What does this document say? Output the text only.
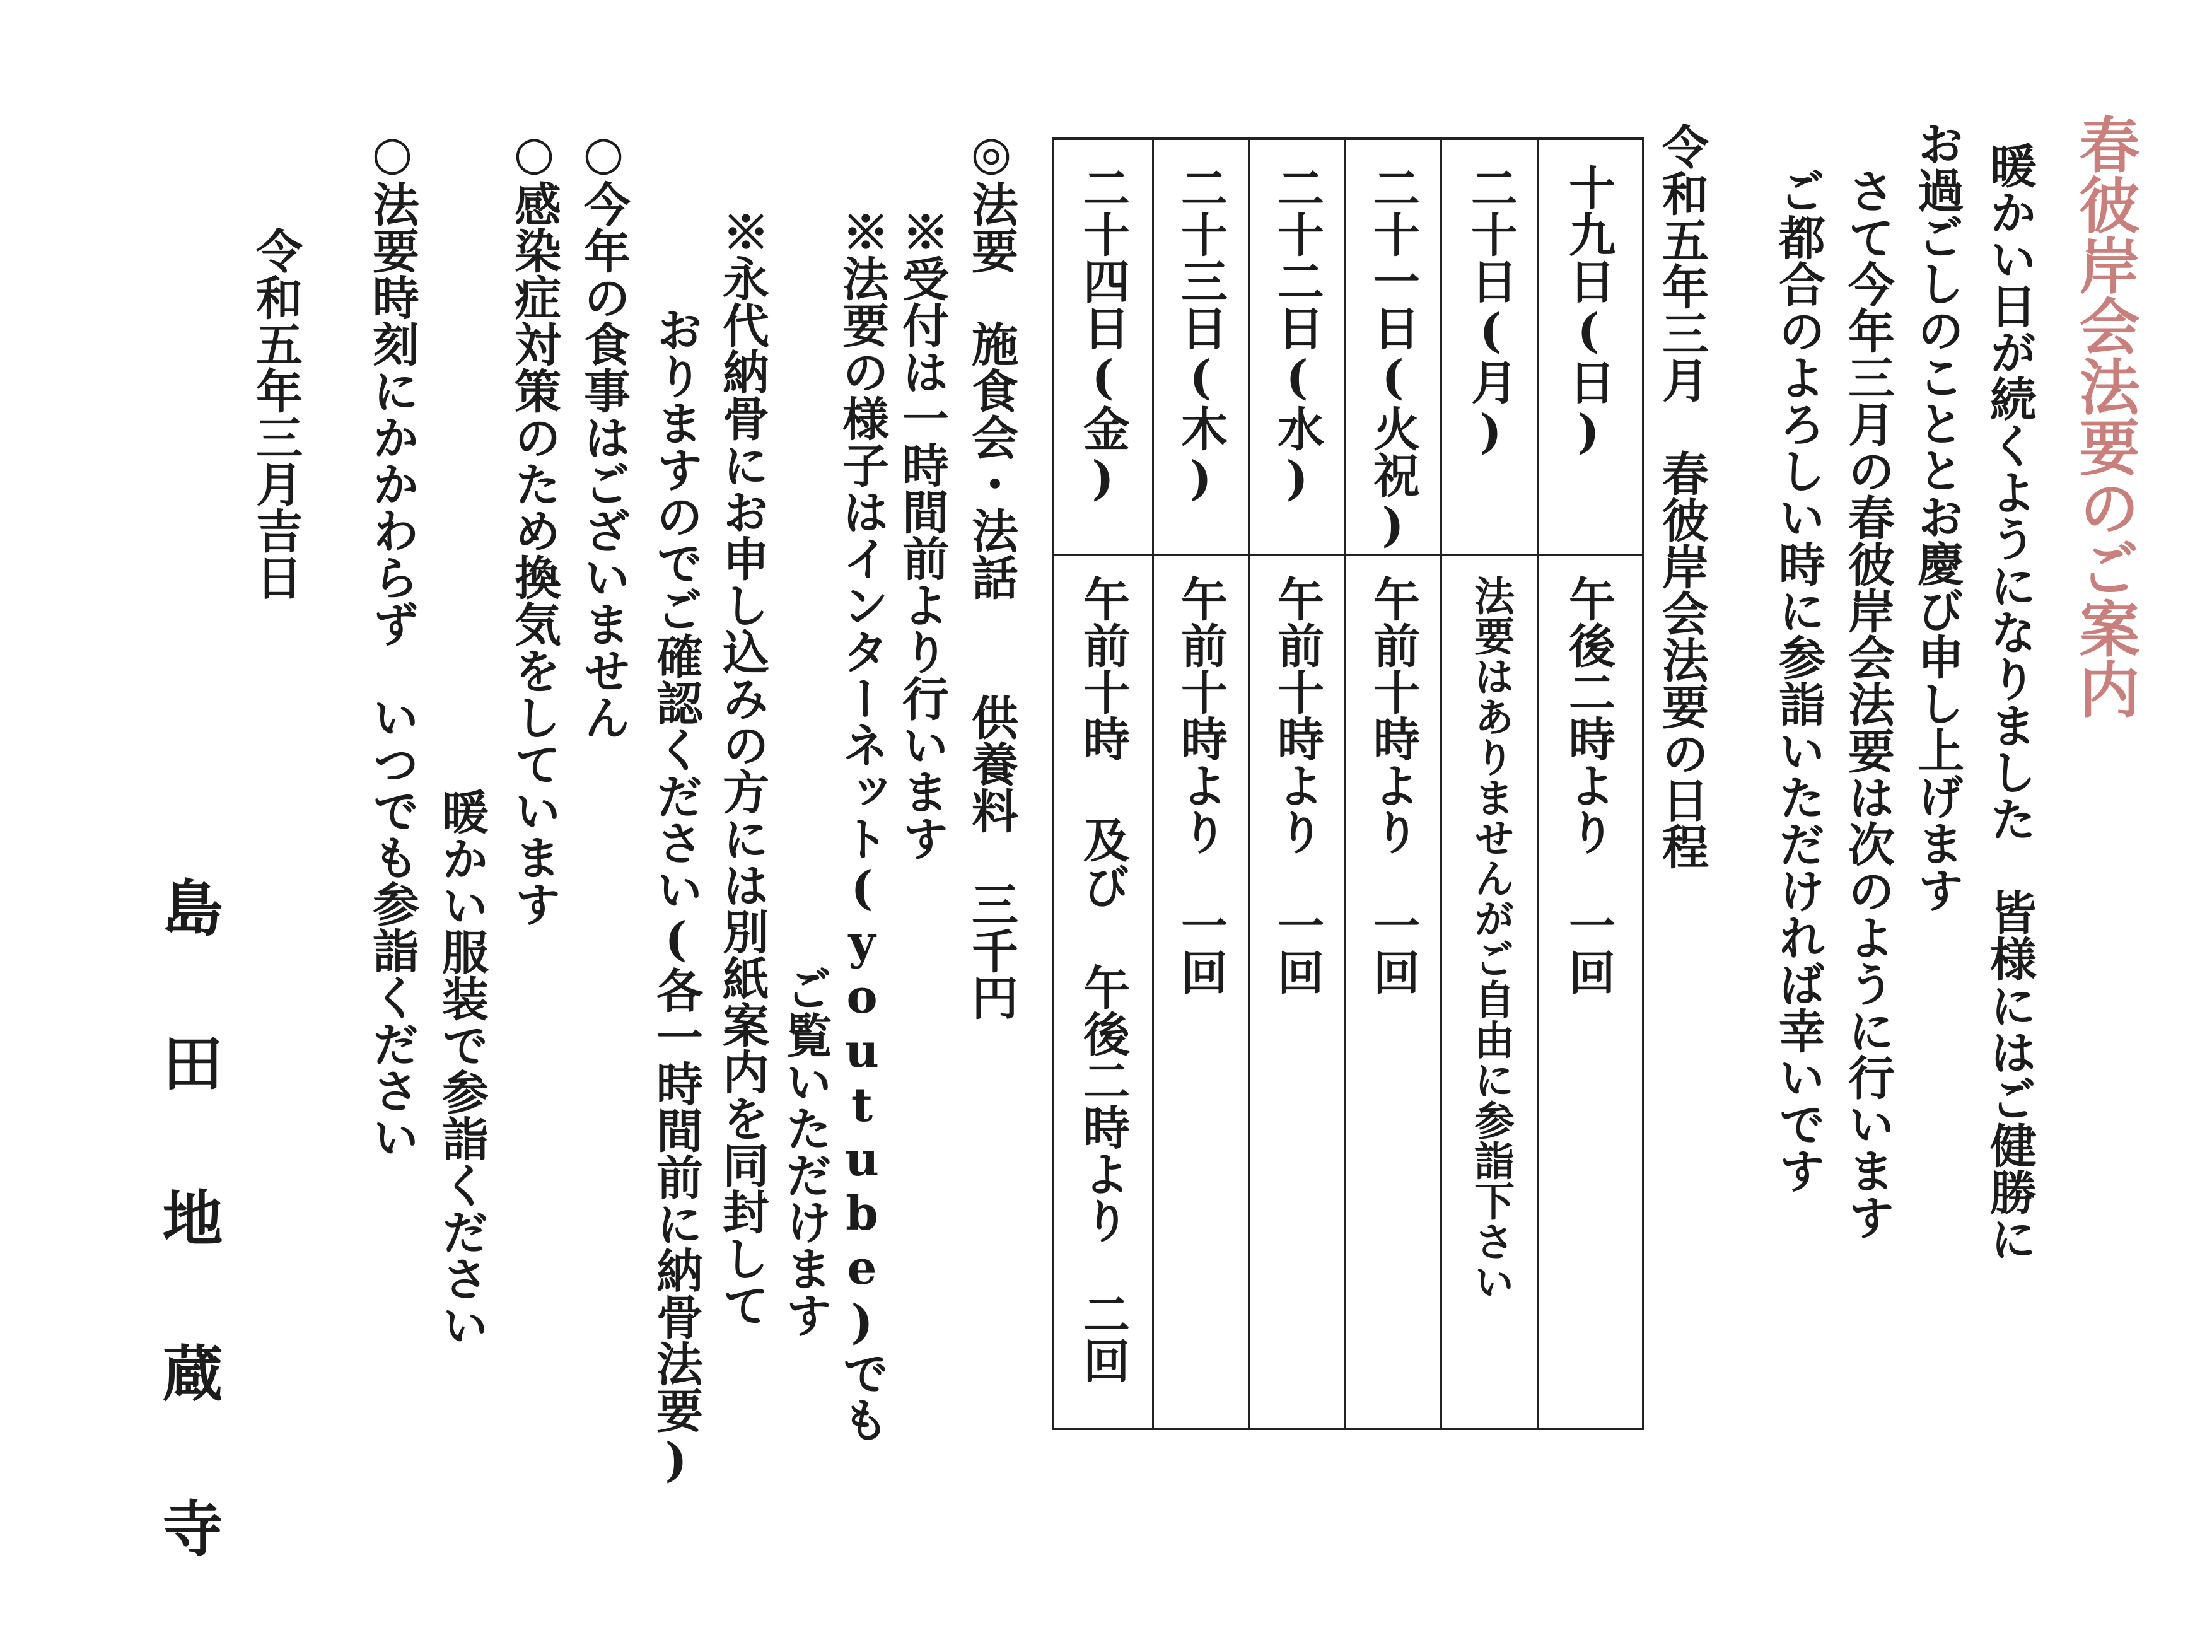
春彼岸会法要のご案内
暖かい日が続くようになりました　皆様にはご健勝に
お過ごしのこととお慶び申し上げます
さて今年三月の春彼岸会法要は次のように行います
ご都合のよろしい時に参詣いただければ幸いです
令和五年三月　春彼岸会法要の日程
十九日(日)
午後二時より　一回
二十日(月)
法要はありませんがご自由に参詣下さい
二十一日(火祝)
午前十時より　一回
二十二日(水)
午前十時より　一回
二十三日(木)
午前十時より　一回
二十四日(金)
午前十時 及び 午後二時より　二回
◎法要　施食会・法話　　供養料　三千円
※受付は一時間前より行います
※法要の様子はインターネット(youtube)でも
ご覧いただけます
※永代納骨にお申し込みの方には別紙案内を同封して
おりますのでご確認ください(各一時間前に納骨法要)
○今年の食事はございません
○感染症対策のため換気をしています
○法要時刻にかかわらず　いつでも参詣ください 暖かい服装で参詣ください
令和五年三月吉日
島田地蔵寺
